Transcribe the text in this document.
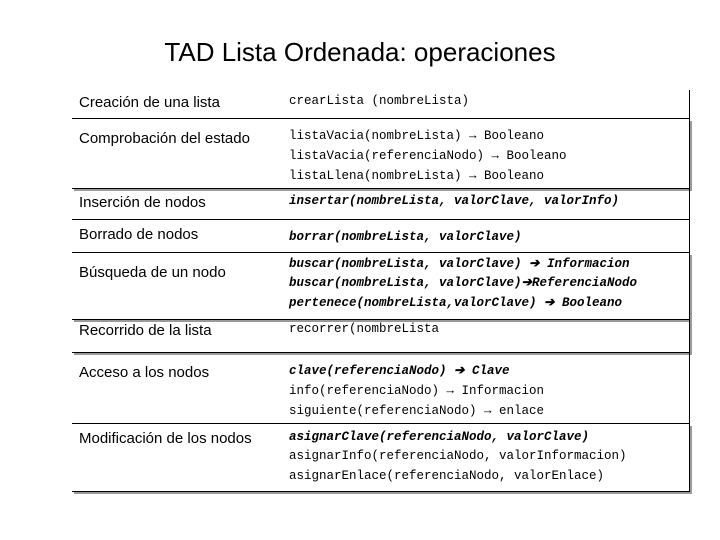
TAD Lista Ordenada: operaciones
Creación de una lista	crearLista (nombreLista)
Comprobación del estado	listaVacia(nombreLista) → Booleano
listaVacia(referenciaNodo) → Booleano
listaLlena(nombreLista) → Booleano
Inserción de nodos	insertar(nombreLista, valorClave, valorInfo)
Borrado de nodos	borrar(nombreLista, valorClave)
Búsqueda de un nodo	buscar(nombreLista, valorClave) ➔ Informacion
buscar(nombreLista, valorClave)➔ReferenciaNodo
pertenece(nombreLista,valorClave) ➔ Booleano
Recorrido de la lista	recorrer(nombreLista
Acceso a los nodos	clave(referenciaNodo) ➔ Clave
info(referenciaNodo) → Informacion
siguiente(referenciaNodo) → enlace
Modificación de los nodos	asignarClave(referenciaNodo, valorClave)
asignarInfo(referenciaNodo, valorInformacion)
asignarEnlace(referenciaNodo, valorEnlace)
